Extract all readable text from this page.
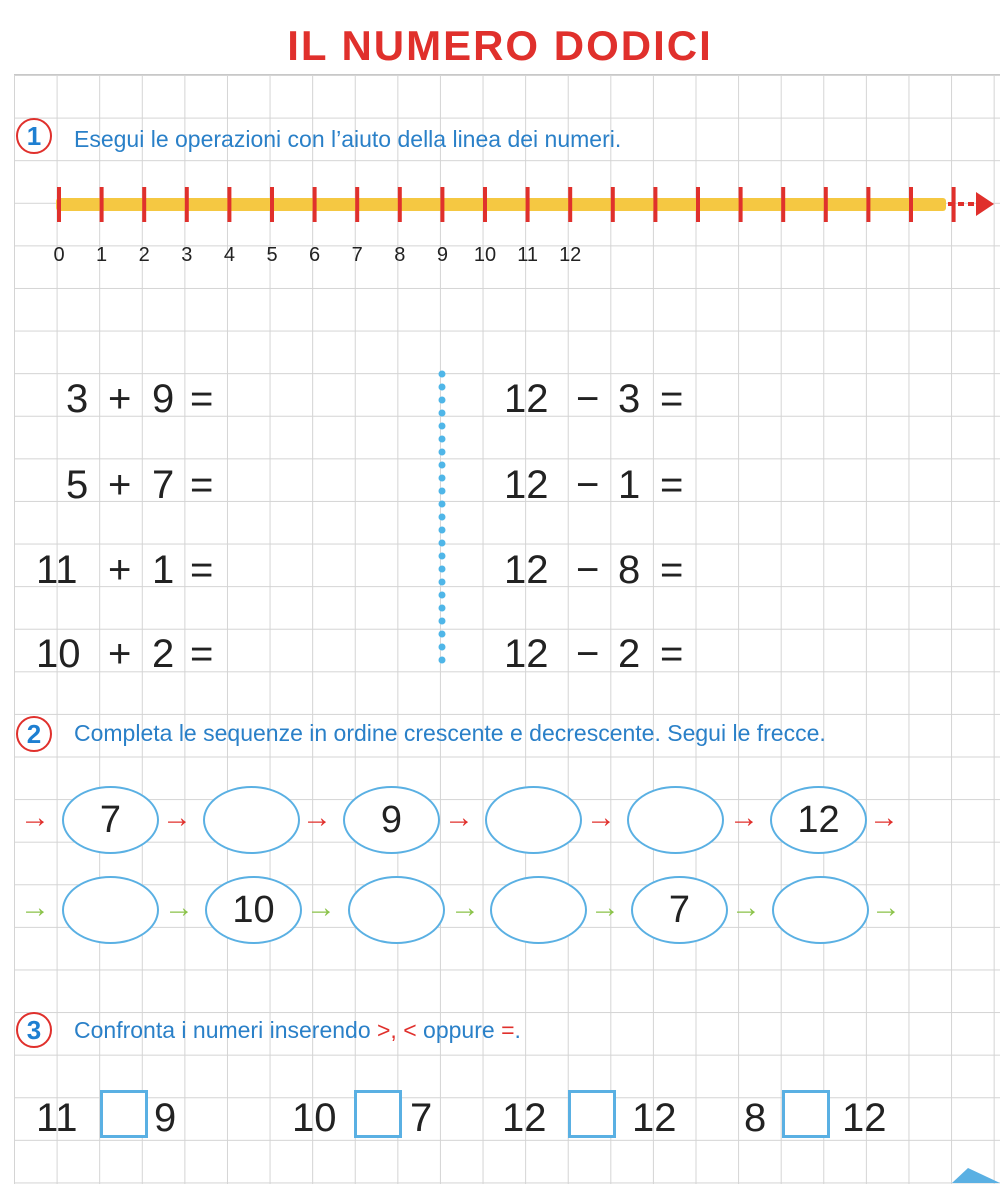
IL NUMERO DODICI
1	Esegui le operazioni con l’aiuto della linea dei numeri.
0	1	2	3	4	5	6	7	8	9	10 11 12
3 + 9 =
5 + 7 =
11 + 1 =
10 + 2 =
12 − 3 =
12 − 1 =
12 − 8 =
12 − 2 =
2	Completa le sequenze in ordine crescente e decrescente. Segui le frecce.
7	9	12
→	→	→	→	→	→	→
10	7
→	→	→	→	→	→	→
3	Confronta i numeri inserendo >, < oppure =.
11 9	10 7 12 12 8 12
